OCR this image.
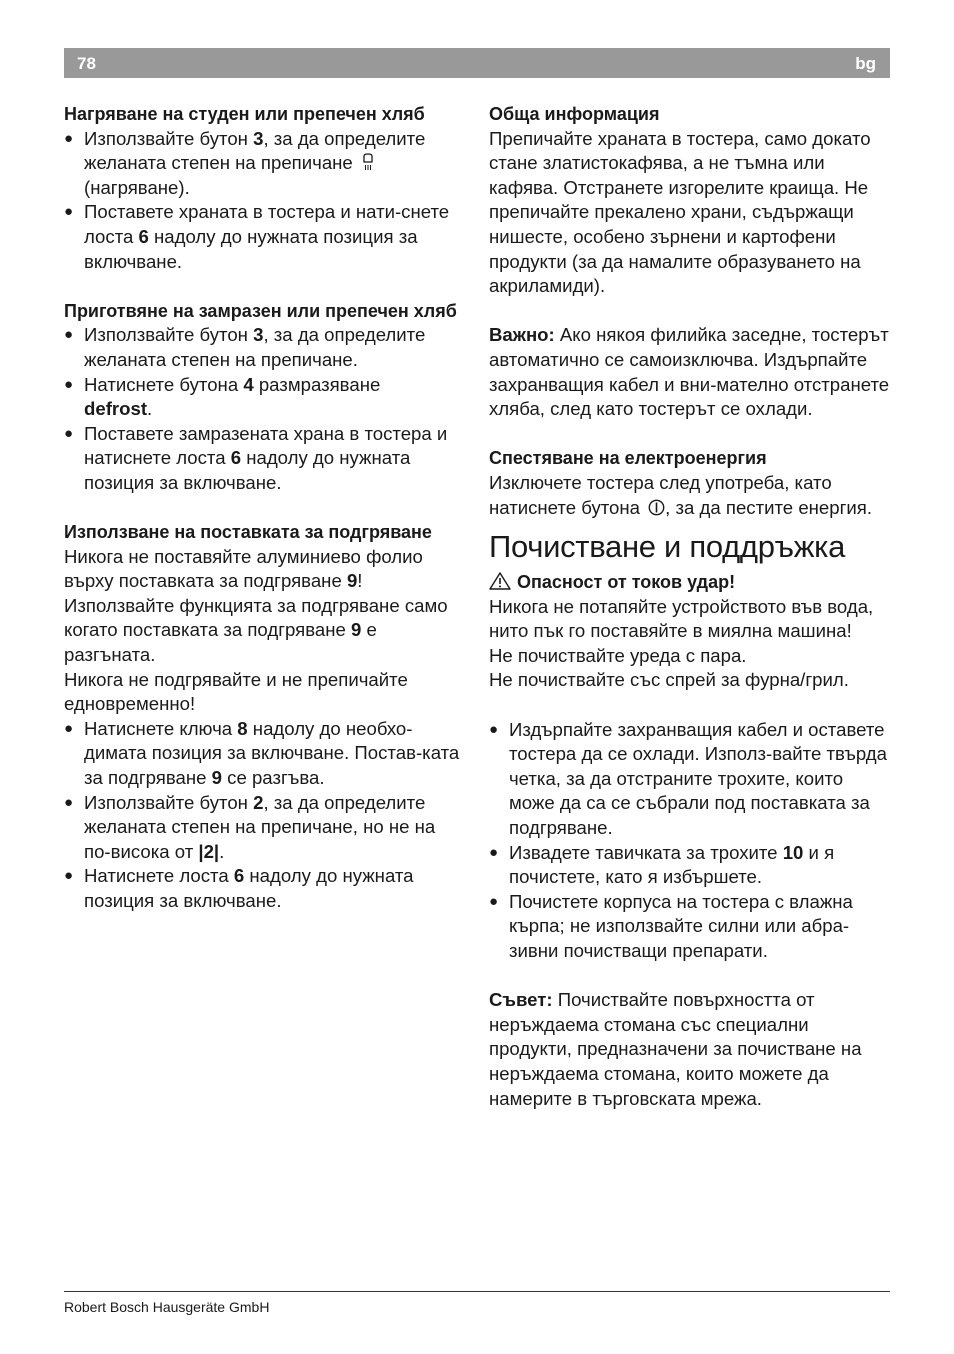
78	bg
Нагряване на студен или препечен хляб
● Използвайте бутон 3, за да определите желаната степен на препичане
(нагряване).
● Поставете храната в тостера и нати-снете лоста 6 надолу до нужната позиция за включване.
Приготвяне на замразен или препечен хляб
● Използвайте бутон 3, за да определите желаната степен на препичане.
● Натиснете бутона 4 размразяване
defrost.
● Поставете замразената храна в тостера и натиснете лоста 6 надолу до нужната позиция за включване.
Използване на поставката за подгряване

Никога не поставяйте алуминиево фолио върху поставката за подгряване 9!

Използвайте функцията за подгряване само когато поставката за подгряване 9 е разгъната.

Никога не подгрявайте и не препичайте едновременно!

● Натиснете ключа 8 надолу до необхо-димата позиция за включване. Постав-ката за подгряване 9 се разгъва.
● Използвайте бутон 2, за да определите желаната степен на препичане, но не на по-висока от |2|.
● Натиснете лоста 6 надолу до нужната позиция за включване.
Обща информация

Препичайте храната в тостера, само докато стане златистокафява, а не тъмна или кафява. Отстранете изгорелите краища. Не препичайте прекалено храни, съдържащи нишесте, особено зърнени и картофени продукти (за да намалите образуването на акриламиди).

Важно: Ако някоя филийка заседне, тостерът автоматично се самоизключва. Издърпайте захранващия кабел и вни-мателно отстранете хляба, след като тостерът се охлади.

Спестяване на електроенергия

Изключете тостера след употреба, като натиснете бутона , за да пестите енергия.

Почистване и поддръжка
Опасност от токов удар!

Никога не потапяйте устройството във вода, нито пък го поставяйте в миялна машина!

Не почиствайте уреда с пара.

Не почиствайте със спрей за фурна/грил.

● Издърпайте захранващия кабел и оставете тостера да се охлади. Използ-вайте твърда четка, за да отстраните трохите, които може да са се събрали под поставката за подгряване.
● Извадете тавичката за трохите 10 и я почистете, като я избършете.
● Почистете корпуса на тостера с влажна кърпа; не използвайте силни или абра-зивни почистващи препарати.

Съвет: Почиствайте повърхността от неръждаема стомана със специални продукти, предназначени за почистване на неръждаема стомана, които можете да намерите в търговската мрежа.

Robert Bosch Hausgeräte GmbH
